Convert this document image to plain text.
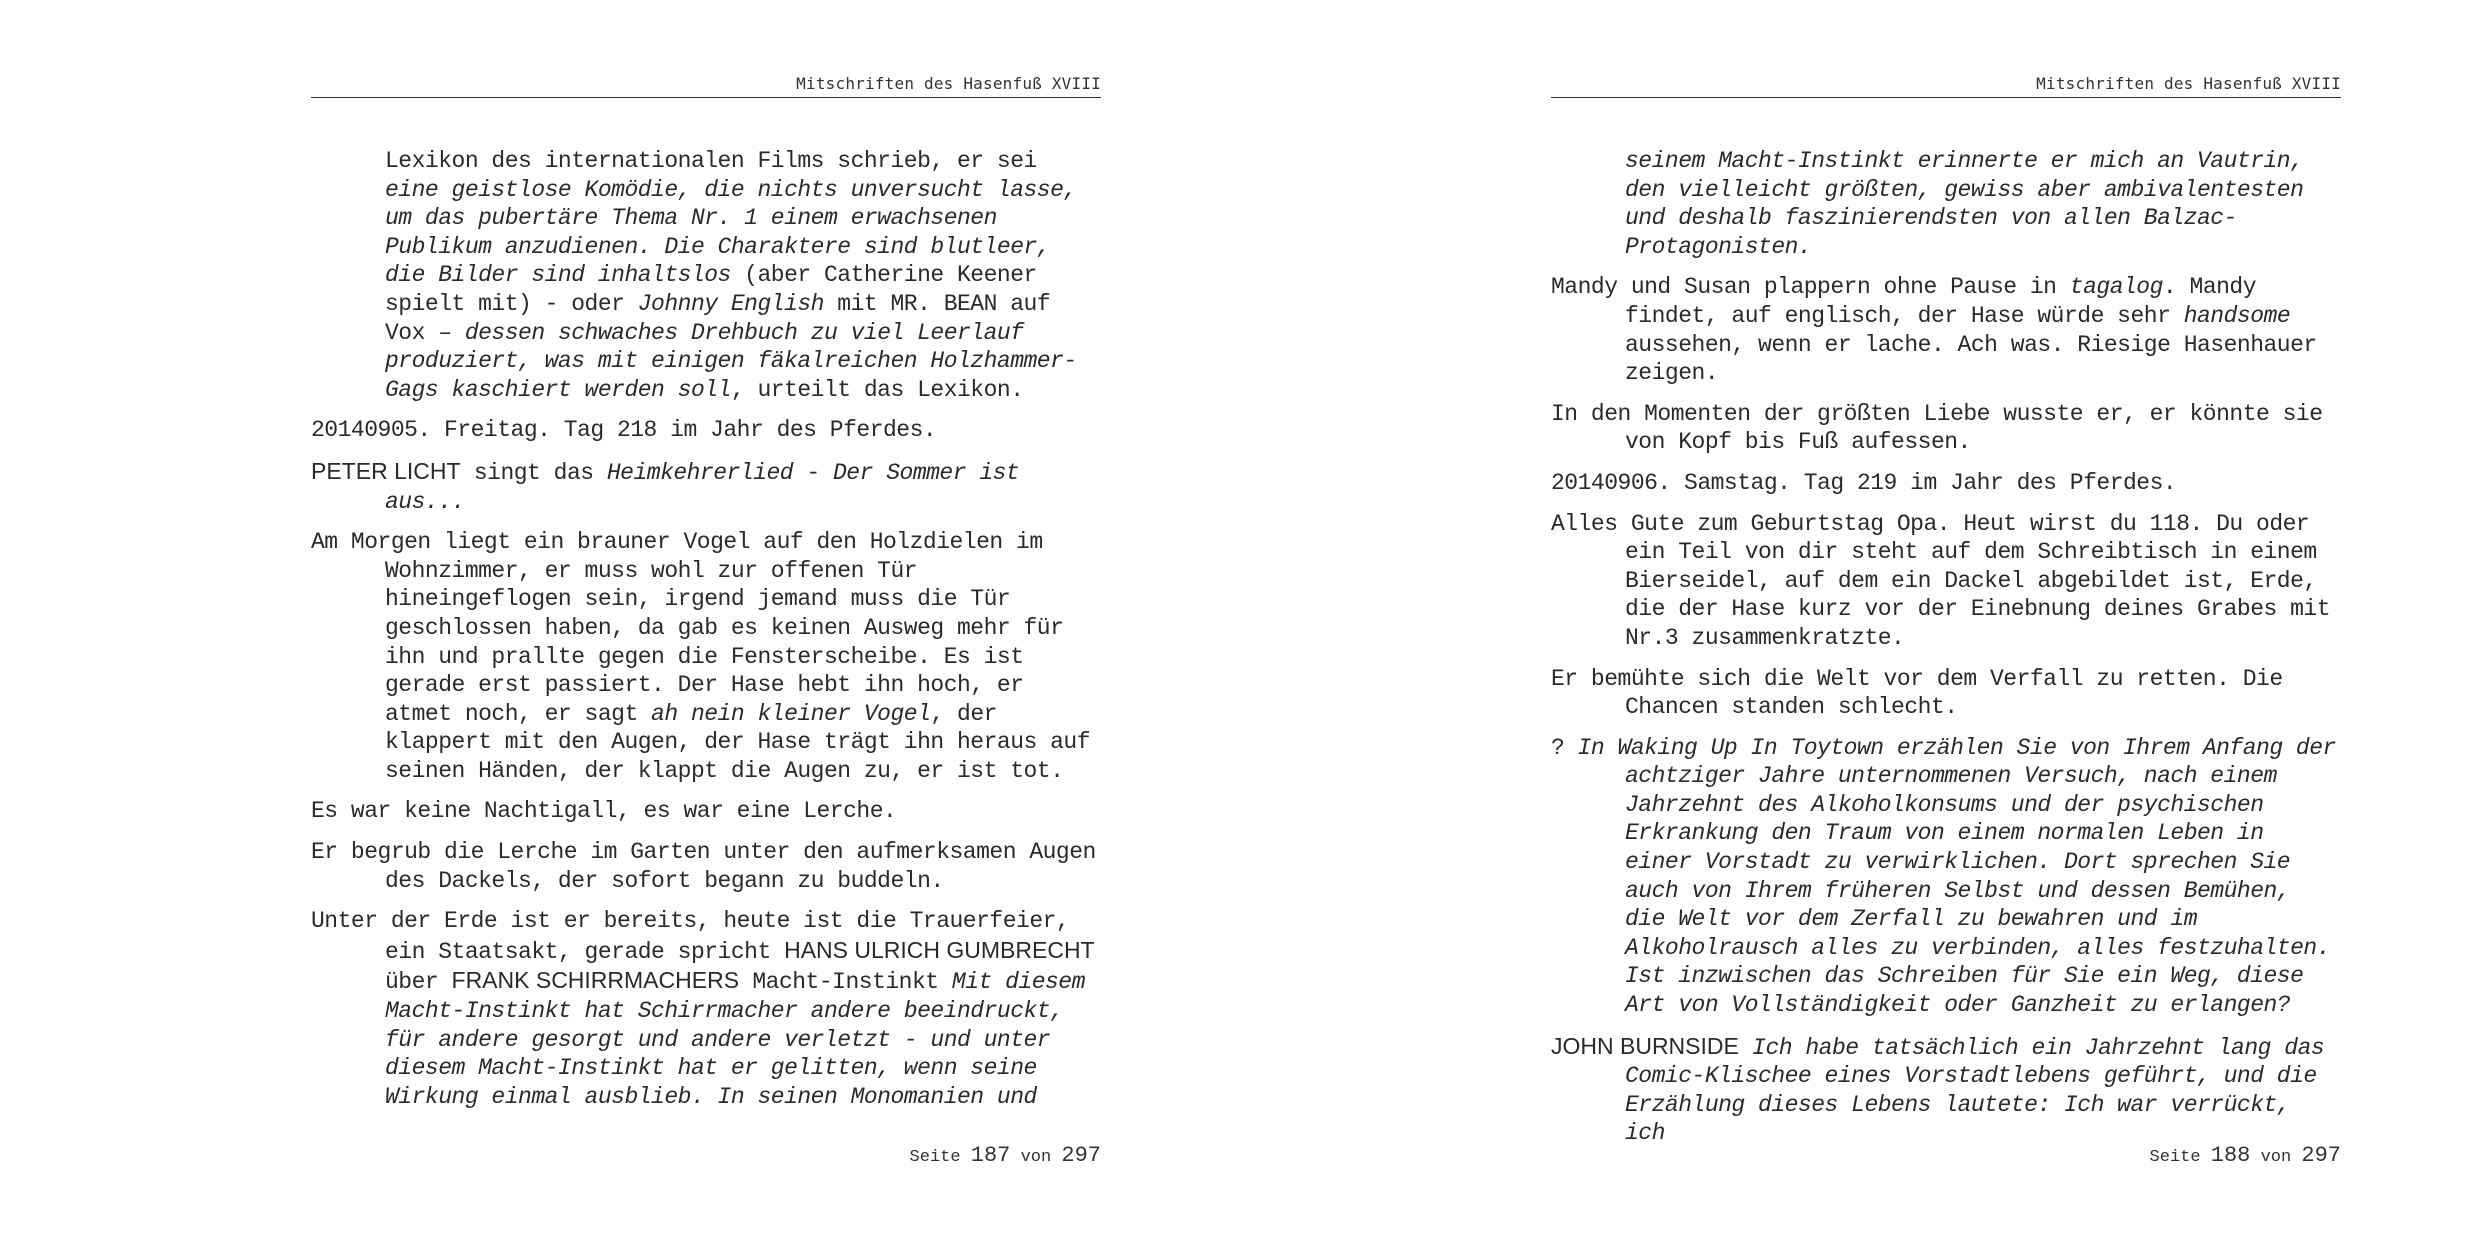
Mitschriften des Hasenfuß XVIII

Lexikon des internationalen Films schrieb, er sei eine geistlose Komödie, die nichts unversucht lasse, um das pubertäre Thema Nr. 1 einem erwachsenen Publikum anzudienen. Die Charaktere sind blutleer, die Bilder sind inhaltslos (aber Catherine Keener spielt mit) - oder Johnny English mit MR. BEAN auf Vox – dessen schwaches Drehbuch zu viel Leerlauf produziert, was mit einigen fäkalreichen Holzhammer-Gags kaschiert werden soll, urteilt das Lexikon.

20140905. Freitag. Tag 218 im Jahr des Pferdes.

PETER LICHT singt das Heimkehrerlied - Der Sommer ist aus...

Am Morgen liegt ein brauner Vogel auf den Holzdielen im Wohnzimmer, er muss wohl zur offenen Tür hineingeflogen sein, irgend jemand muss die Tür geschlossen haben, da gab es keinen Ausweg mehr für ihn und prallte gegen die Fensterscheibe. Es ist gerade erst passiert. Der Hase hebt ihn hoch, er atmet noch, er sagt ah nein kleiner Vogel, der klappert mit den Augen, der Hase trägt ihn heraus auf seinen Händen, der klappt die Augen zu, er ist tot.

Es war keine Nachtigall, es war eine Lerche.

Er begrub die Lerche im Garten unter den aufmerksamen Augen des Dackels, der sofort begann zu buddeln.

Unter der Erde ist er bereits, heute ist die Trauerfeier, ein Staatsakt, gerade spricht HANS ULRICH GUMBRECHT über FRANK SCHIRRMACHERS Macht-Instinkt Mit diesem Macht-Instinkt hat Schirrmacher andere beeindruckt, für andere gesorgt und andere verletzt - und unter diesem Macht-Instinkt hat er gelitten, wenn seine Wirkung einmal ausblieb. In seinen Monomanien und

Seite 187 von 297
Mitschriften des Hasenfuß XVIII

seinem Macht-Instinkt erinnerte er mich an Vautrin, den vielleicht größten, gewiss aber ambivalentesten und deshalb faszinierendsten von allen Balzac-Protagonisten.

Mandy und Susan plappern ohne Pause in tagalog. Mandy findet, auf englisch, der Hase würde sehr handsome aussehen, wenn er lache. Ach was. Riesige Hasenhauer zeigen.

In den Momenten der größten Liebe wusste er, er könnte sie von Kopf bis Fuß aufessen.

20140906. Samstag. Tag 219 im Jahr des Pferdes.

Alles Gute zum Geburtstag Opa. Heut wirst du 118. Du oder ein Teil von dir steht auf dem Schreibtisch in einem Bierseidel, auf dem ein Dackel abgebildet ist, Erde, die der Hase kurz vor der Einebnung deines Grabes mit Nr.3 zusammenkratzte.

Er bemühte sich die Welt vor dem Verfall zu retten. Die Chancen standen schlecht.

? In Waking Up In Toytown erzählen Sie von Ihrem Anfang der achtziger Jahre unternommenen Versuch, nach einem Jahrzehnt des Alkoholkonsums und der psychischen Erkrankung den Traum von einem normalen Leben in einer Vorstadt zu verwirklichen. Dort sprechen Sie auch von Ihrem früheren Selbst und dessen Bemühen, die Welt vor dem Zerfall zu bewahren und im Alkoholrausch alles zu verbinden, alles festzuhalten. Ist inzwischen das Schreiben für Sie ein Weg, diese Art von Vollständigkeit oder Ganzheit zu erlangen?

JOHN BURNSIDE Ich habe tatsächlich ein Jahrzehnt lang das Comic-Klischee eines Vorstadtlebens geführt, und die Erzählung dieses Lebens lautete: Ich war verrückt, ich

Seite 188 von 297
